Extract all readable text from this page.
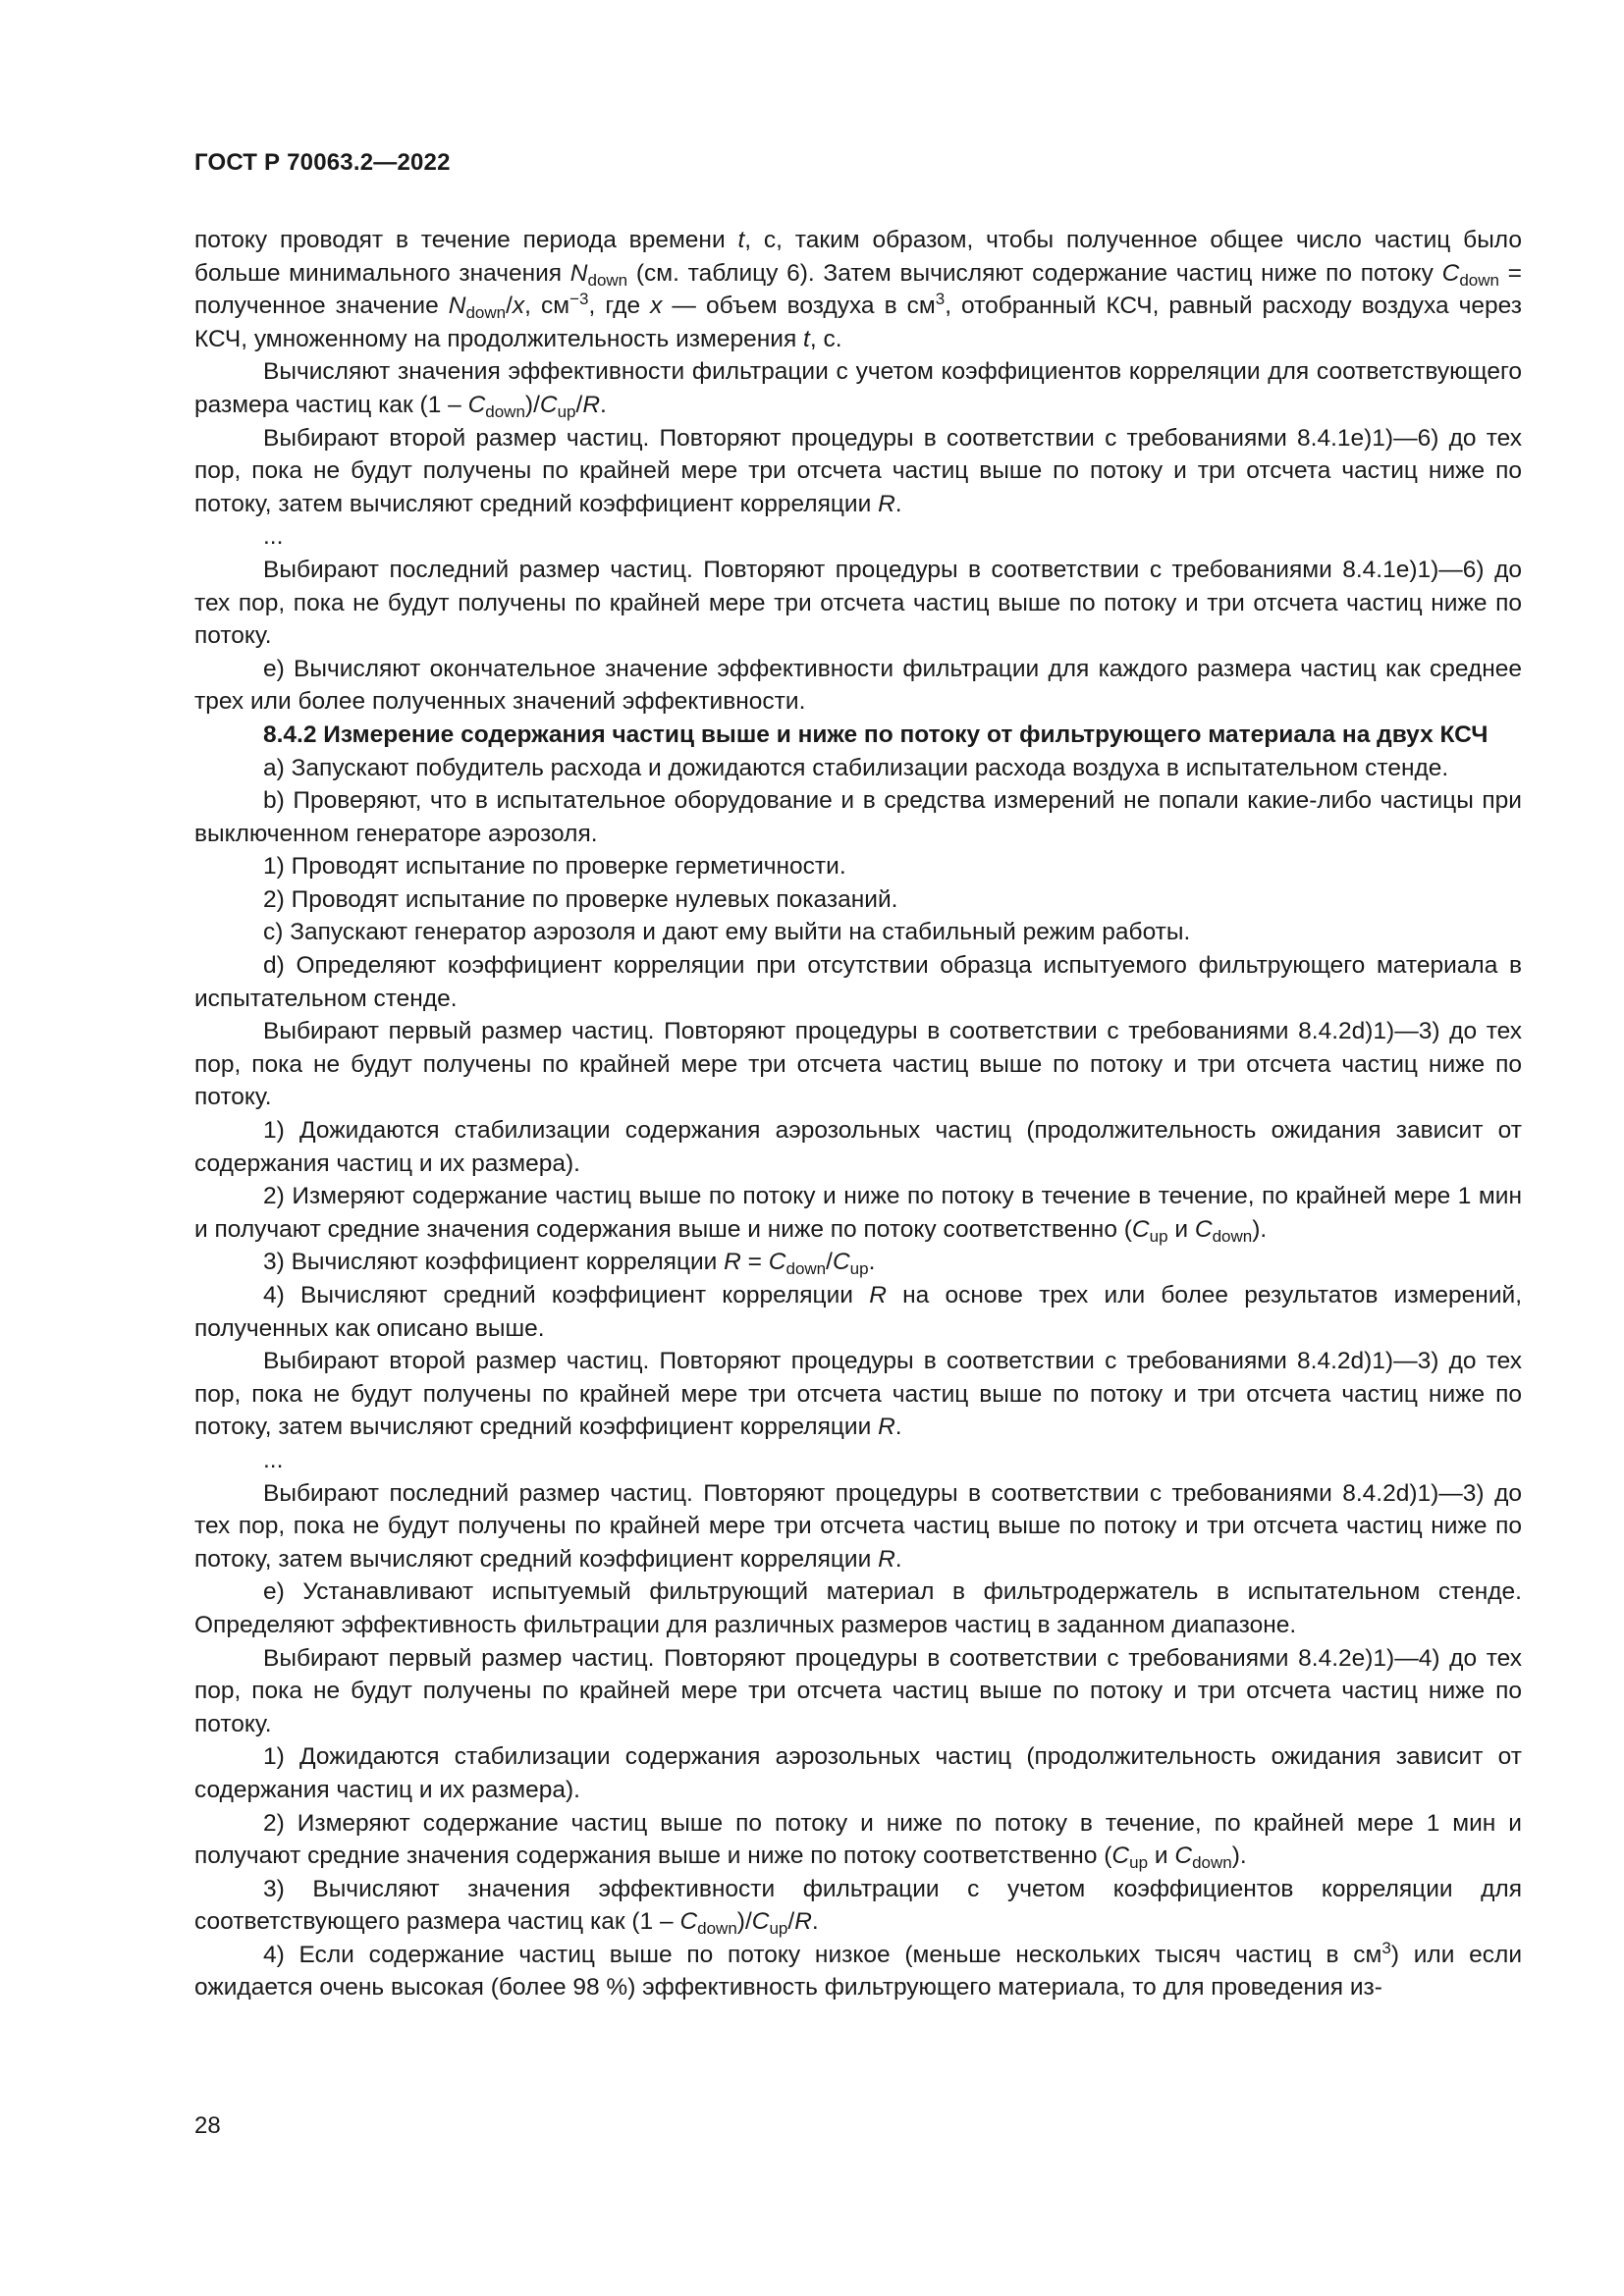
ГОСТ Р 70063.2—2022

потоку проводят в течение периода времени t, с, таким образом, чтобы полученное общее число частиц было больше минимального значения $N_{down}$ (см. таблицу 6). Затем вычисляют содержание частиц ниже по потоку $C_{down}$ = полученное значение $N_{down}/x$, $см^{-3}$, где x — объем воздуха в $см^3$, отобранный КСЧ, равный расходу воздуха через КСЧ, умноженному на продолжительность измерения t, с.

Вычисляют значения эффективности фильтрации с учетом коэффициентов корреляции для соответствующего размера частиц как $(1 - C_{down})/C_{up}/R$.

Выбирают второй размер частиц. Повторяют процедуры в соответствии с требованиями 8.4.1е)1)—6) до тех пор, пока не будут получены по крайней мере три отсчета частиц выше по потоку и три отсчета частиц ниже по потоку, затем вычисляют средний коэффициент корреляции R.

...

Выбирают последний размер частиц. Повторяют процедуры в соответствии с требованиями 8.4.1е)1)—6) до тех пор, пока не будут получены по крайней мере три отсчета частиц выше по потоку и три отсчета частиц ниже по потоку.

е) Вычисляют окончательное значение эффективности фильтрации для каждого размера частиц как среднее трех или более полученных значений эффективности.

8.4.2 Измерение содержания частиц выше и ниже по потоку от фильтрующего материала на двух КСЧ

а) Запускают побудитель расхода и дожидаются стабилизации расхода воздуха в испытательном стенде.

b) Проверяют, что в испытательное оборудование и в средства измерений не попали какие-либо частицы при выключенном генераторе аэрозоля.

1) Проводят испытание по проверке герметичности.

2) Проводят испытание по проверке нулевых показаний.

c) Запускают генератор аэрозоля и дают ему выйти на стабильный режим работы.

d) Определяют коэффициент корреляции при отсутствии образца испытуемого фильтрующего материала в испытательном стенде.

Выбирают первый размер частиц. Повторяют процедуры в соответствии с требованиями 8.4.2d)1)—3) до тех пор, пока не будут получены по крайней мере три отсчета частиц выше по потоку и три отсчета частиц ниже по потоку.

1) Дожидаются стабилизации содержания аэрозольных частиц (продолжительность ожидания зависит от содержания частиц и их размера).

2) Измеряют содержание частиц выше по потоку и ниже по потоку в течение в течение, по крайней мере 1 мин и получают средние значения содержания выше и ниже по потоку соответственно ($C_{up}$ и $C_{down}$).

3) Вычисляют коэффициент корреляции $R = C_{down}/C_{up}$.

4) Вычисляют средний коэффициент корреляции R на основе трех или более результатов измерений, полученных как описано выше.

Выбирают второй размер частиц. Повторяют процедуры в соответствии с требованиями 8.4.2d)1)—3) до тех пор, пока не будут получены по крайней мере три отсчета частиц выше по потоку и три отсчета частиц ниже по потоку, затем вычисляют средний коэффициент корреляции R.

...

Выбирают последний размер частиц. Повторяют процедуры в соответствии с требованиями 8.4.2d)1)—3) до тех пор, пока не будут получены по крайней мере три отсчета частиц выше по потоку и три отсчета частиц ниже по потоку, затем вычисляют средний коэффициент корреляции R.

е) Устанавливают испытуемый фильтрующий материал в фильтродержатель в испытательном стенде. Определяют эффективность фильтрации для различных размеров частиц в заданном диапазоне.

Выбирают первый размер частиц. Повторяют процедуры в соответствии с требованиями 8.4.2е)1)—4) до тех пор, пока не будут получены по крайней мере три отсчета частиц выше по потоку и три отсчета частиц ниже по потоку.

1) Дожидаются стабилизации содержания аэрозольных частиц (продолжительность ожидания зависит от содержания частиц и их размера).

2) Измеряют содержание частиц выше по потоку и ниже по потоку в течение, по крайней мере 1 мин и получают средние значения содержания выше и ниже по потоку соответственно ($C_{up}$ и $C_{down}$).

3) Вычисляют значения эффективности фильтрации с учетом коэффициентов корреляции для соответствующего размера частиц как $(1 - C_{down})/C_{up}/R$.

4) Если содержание частиц выше по потоку низкое (меньше нескольких тысяч частиц в $см^3$) или если ожидается очень высокая (более 98 %) эффективность фильтрующего материала, то для проведения из-

28
